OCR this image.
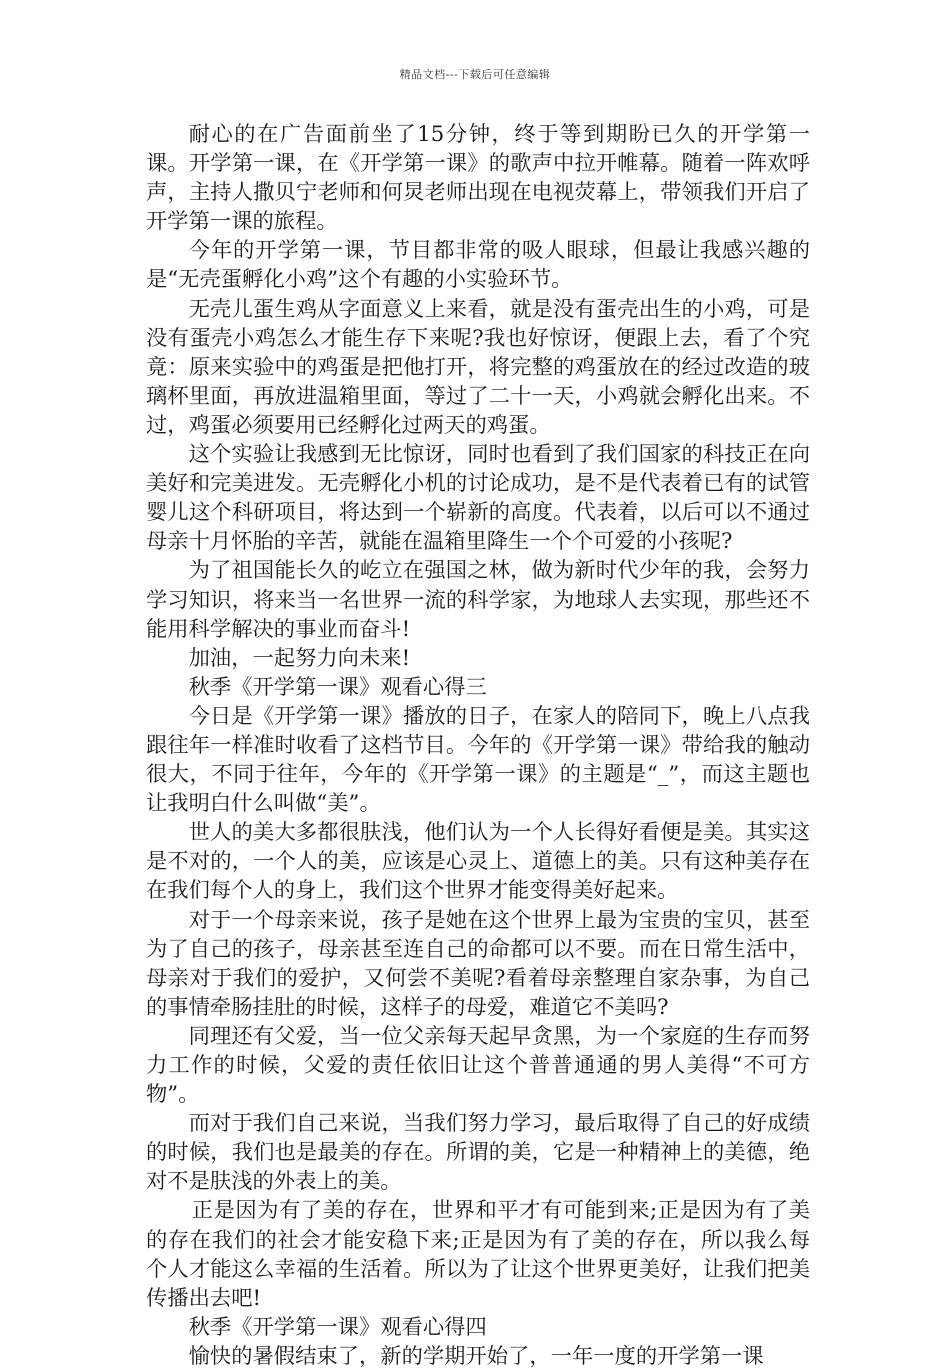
精品文档---下载后可任意编辑

耐心的在广告面前坐了15分钟，终于等到期盼已久的开学第一课。开学第一课，在《开学第一课》的歌声中拉开帷幕。随着一阵欢呼声，主持人撒贝宁老师和何炅老师出现在电视荧幕上，带领我们开启了开学第一课的旅程。

今年的开学第一课，节目都非常的吸人眼球，但最让我感兴趣的是“无壳蛋孵化小鸡”这个有趣的小实验环节。

无壳儿蛋生鸡从字面意义上来看，就是没有蛋壳出生的小鸡，可是没有蛋壳小鸡怎么才能生存下来呢?我也好惊讶，便跟上去，看了个究竟：原来实验中的鸡蛋是把他打开，将完整的鸡蛋放在的经过改造的玻璃杯里面，再放进温箱里面，等过了二十一天，小鸡就会孵化出来。不过，鸡蛋必须要用已经孵化过两天的鸡蛋。

这个实验让我感到无比惊讶，同时也看到了我们国家的科技正在向美好和完美进发。无壳孵化小机的讨论成功，是不是代表着已有的试管婴儿这个科研项目，将达到一个崭新的高度。代表着，以后可以不通过母亲十月怀胎的辛苦，就能在温箱里降生一个个可爱的小孩呢?

为了祖国能长久的屹立在强国之林，做为新时代少年的我，会努力学习知识，将来当一名世界一流的科学家，为地球人去实现，那些还不能用科学解决的事业而奋斗!

加油，一起努力向未来!

秋季《开学第一课》观看心得三

今日是《开学第一课》播放的日子，在家人的陪同下，晚上八点我跟往年一样准时收看了这档节目。今年的《开学第一课》带给我的触动很大，不同于往年，今年的《开学第一课》的主题是“_”，而这主题也让我明白什么叫做“美”。

世人的美大多都很肤浅，他们认为一个人长得好看便是美。其实这是不对的，一个人的美，应该是心灵上、道德上的美。只有这种美存在在我们每个人的身上，我们这个世界才能变得美好起来。

对于一个母亲来说，孩子是她在这个世界上最为宝贵的宝贝，甚至为了自己的孩子，母亲甚至连自己的命都可以不要。而在日常生活中，母亲对于我们的爱护，又何尝不美呢?看着母亲整理自家杂事，为自己的事情牵肠挂肚的时候，这样子的母爱，难道它不美吗?

同理还有父爱，当一位父亲每天起早贪黑，为一个家庭的生存而努力工作的时候，父爱的责任依旧让这个普普通通的男人美得“不可方物”。

而对于我们自己来说，当我们努力学习，最后取得了自己的好成绩的时候，我们也是最美的存在。所谓的美，它是一种精神上的美德，绝对不是肤浅的外表上的美。

正是因为有了美的存在，世界和平才有可能到来;正是因为有了美的存在我们的社会才能安稳下来;正是因为有了美的存在，所以我么每个人才能这么幸福的生活着。所以为了让这个世界更美好，让我们把美传播出去吧!

秋季《开学第一课》观看心得四

愉快的暑假结束了，新的学期开始了，一年一度的开学第一课
